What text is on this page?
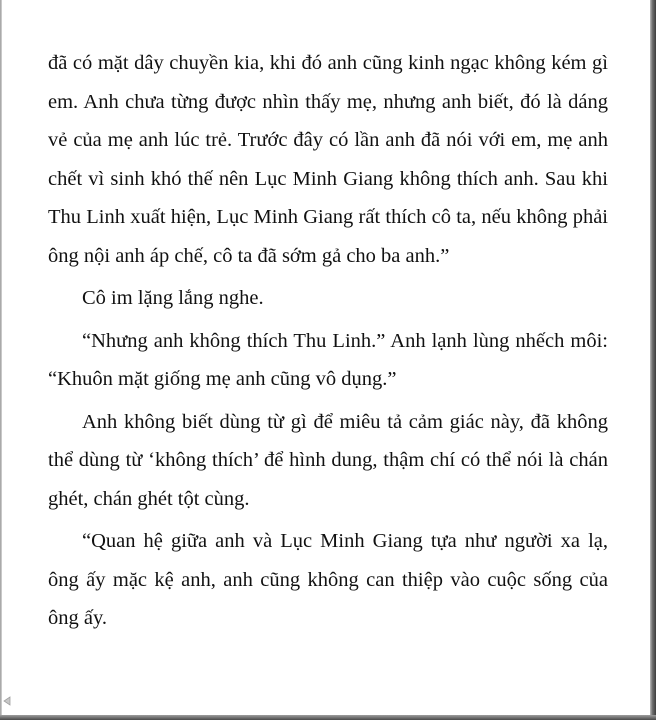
đã có mặt dây chuyền kia, khi đó anh cũng kinh ngạc không kém gì em. Anh chưa từng được nhìn thấy mẹ, nhưng anh biết, đó là dáng vẻ của mẹ anh lúc trẻ. Trước đây có lần anh đã nói với em, mẹ anh chết vì sinh khó thế nên Lục Minh Giang không thích anh. Sau khi Thu Linh xuất hiện, Lục Minh Giang rất thích cô ta, nếu không phải ông nội anh áp chế, cô ta đã sớm gả cho ba anh.”

Cô im lặng lắng nghe.

“Nhưng anh không thích Thu Linh.” Anh lạnh lùng nhếch môi: “Khuôn mặt giống mẹ anh cũng vô dụng.”

Anh không biết dùng từ gì để miêu tả cảm giác này, đã không thể dùng từ ‘không thích’ để hình dung, thậm chí có thể nói là chán ghét, chán ghét tột cùng.

“Quan hệ giữa anh và Lục Minh Giang tựa như người xa lạ, ông ấy mặc kệ anh, anh cũng không can thiệp vào cuộc sống của ông ấy.
